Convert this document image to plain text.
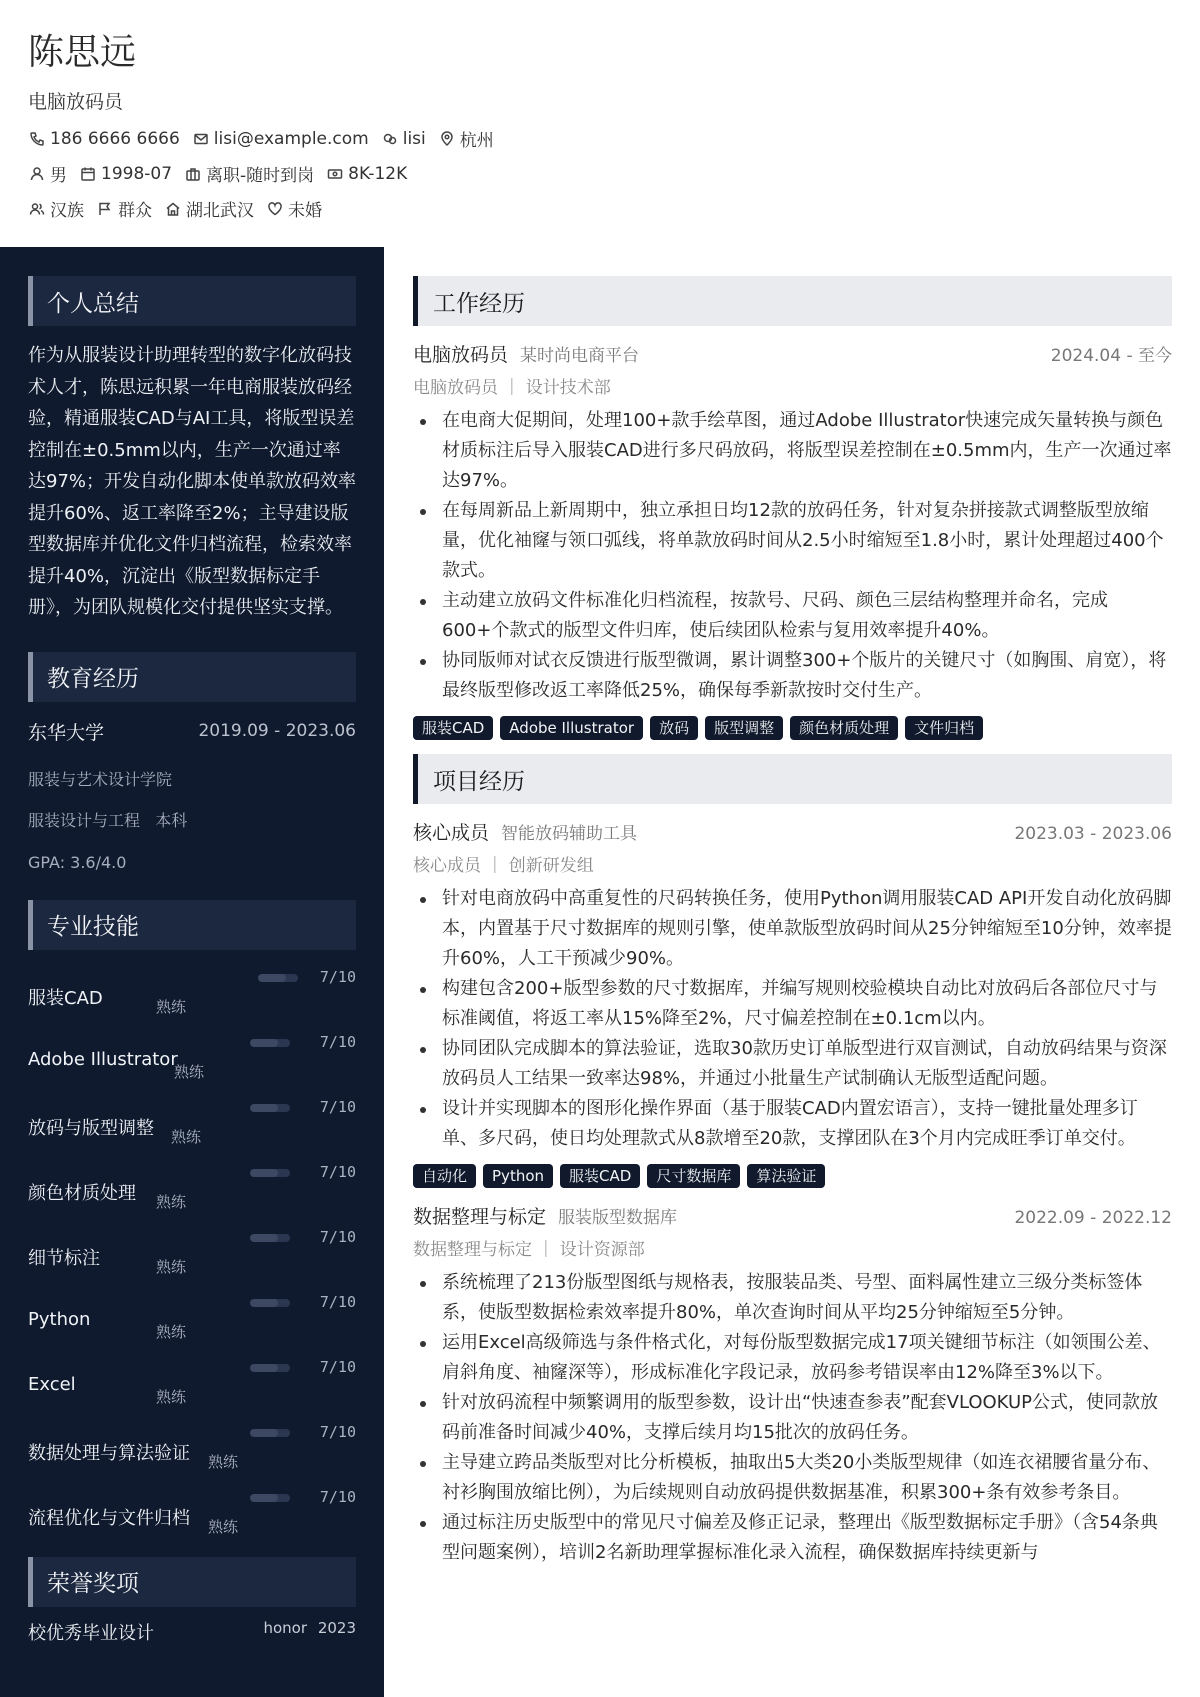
陈思远
电脑放码员
186 6666 6666 lisi@example.com lisi 杭州
男 1998-07 离职-随时到岗 8K-12K
汉族 群众 湖北武汉 未婚
个人总结
作为从服装设计助理转型的数字化放码技术人才，陈思远积累一年电商服装放码经验，精通服装CAD与AI工具，将版型误差控制在±0.5mm以内，生产一次通过率达97%；开发自动化脚本使单款放码效率提升60%、返工率降至2%；主导建设版型数据库并优化文件归档流程，检索效率提升40%，沉淀出《版型数据标定手册》，为团队规模化交付提供坚实支撑。
教育经历
东华大学	2019.09 - 2023.06
服装与艺术设计学院
服装设计与工程   本科
GPA: 3.6/4.0
专业技能
服装CAD	熟练
7/10
Adobe Illustrator
熟练
7/10
放码与版型调整 熟练
7/10
颜色材质处理 熟练
7/10
细节标注	熟练
7/10
Python
熟练
7/10
Excel
熟练
7/10
数据处理与算法验证 熟练
7/10
流程优化与文件归档 熟练
7/10
荣誉奖项
校优秀毕业设计	honor 2023
工作经历
电脑放码员 某时尚电商平台	2024.04 - 至今
电脑放码员 ｜ 设计技术部
在电商大促期间，处理100+款手绘草图，通过Adobe Illustrator快速完成矢量转换与颜色材质标注后导入服装CAD进行多尺码放码，将版型误差控制在±0.5mm内，生产一次通过率达97%。
在每周新品上新周期中，独立承担日均12款的放码任务，针对复杂拼接款式调整版型放缩量，优化袖窿与领口弧线，将单款放码时间从2.5小时缩短至1.8小时，累计处理超过400个款式。
主动建立放码文件标准化归档流程，按款号、尺码、颜色三层结构整理并命名，完成600+个款式的版型文件归库，使后续团队检索与复用效率提升40%。
协同版师对试衣反馈进行版型微调，累计调整300+个版片的关键尺寸（如胸围、肩宽），将最终版型修改返工率降低25%，确保每季新款按时交付生产。
服装CAD	Adobe Illustrator	放码	版型调整	颜色材质处理	文件归档
项目经历
核心成员 智能放码辅助工具	2023.03 - 2023.06
核心成员 ｜ 创新研发组
针对电商放码中高重复性的尺码转换任务，使用Python调用服装CAD API开发自动化放码脚本，内置基于尺寸数据库的规则引擎，使单款版型放码时间从25分钟缩短至10分钟，效率提升60%，人工干预减少90%。
构建包含200+版型参数的尺寸数据库，并编写规则校验模块自动比对放码后各部位尺寸与标准阈值，将返工率从15%降至2%，尺寸偏差控制在±0.1cm以内。
协同团队完成脚本的算法验证，选取30款历史订单版型进行双盲测试，自动放码结果与资深放码员人工结果一致率达98%，并通过小批量生产试制确认无版型适配问题。
设计并实现脚本的图形化操作界面（基于服装CAD内置宏语言），支持一键批量处理多订单、多尺码，使日均处理款式从8款增至20款，支撑团队在3个月内完成旺季订单交付。
自动化	Python	服装CAD	尺寸数据库	算法验证
数据整理与标定 服装版型数据库	2022.09 - 2022.12
数据整理与标定 ｜ 设计资源部
系统梳理了213份版型图纸与规格表，按服装品类、号型、面料属性建立三级分类标签体系，使版型数据检索效率提升80%，单次查询时间从平均25分钟缩短至5分钟。
运用Excel高级筛选与条件格式化，对每份版型数据完成17项关键细节标注（如领围公差、肩斜角度、袖窿深等），形成标准化字段记录，放码参考错误率由12%降至3%以下。
针对放码流程中频繁调用的版型参数，设计出“快速查参表”配套VLOOKUP公式，使同款放码前准备时间减少40%，支撑后续月均15批次的放码任务。
主导建立跨品类版型对比分析模板，抽取出5大类20小类版型规律（如连衣裙腰省量分布、衬衫胸围放缩比例），为后续规则自动放码提供数据基准，积累300+条有效参考条目。
通过标注历史版型中的常见尺寸偏差及修正记录，整理出《版型数据标定手册》（含54条典型问题案例），培训2名新助理掌握标准化录入流程，确保数据库持续更新与
